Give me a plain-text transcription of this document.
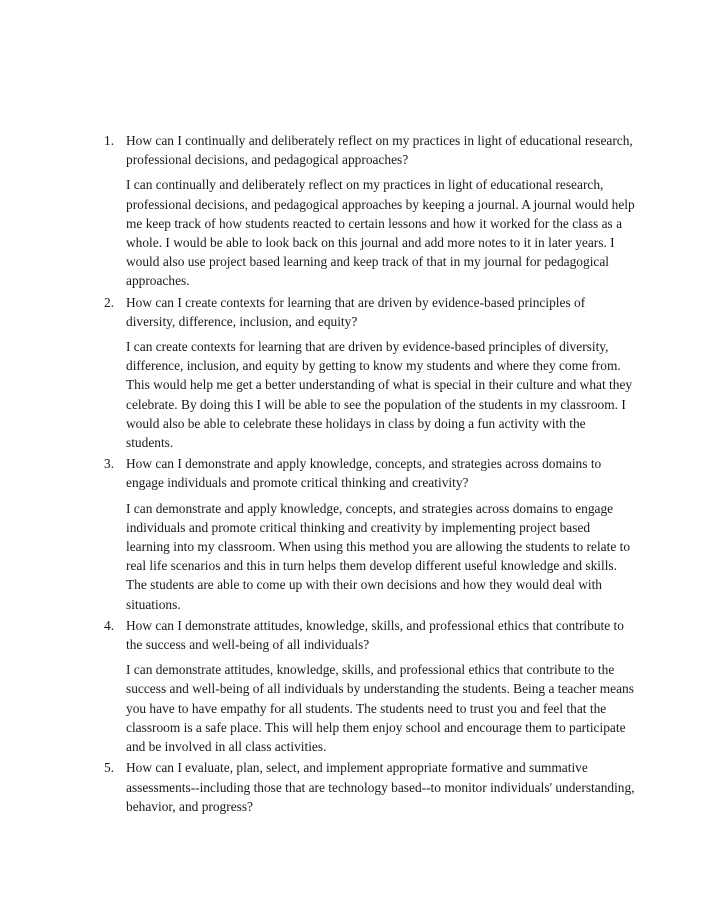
1. How can I continually and deliberately reflect on my practices in light of educational research, professional decisions, and pedagogical approaches?

I can continually and deliberately reflect on my practices in light of educational research, professional decisions, and pedagogical approaches by keeping a journal. A journal would help me keep track of how students reacted to certain lessons and how it worked for the class as a whole. I would be able to look back on this journal and add more notes to it in later years. I would also use project based learning and keep track of that in my journal for pedagogical approaches.

2. How can I create contexts for learning that are driven by evidence-based principles of diversity, difference, inclusion, and equity?

I can create contexts for learning that are driven by evidence-based principles of diversity, difference, inclusion, and equity by getting to know my students and where they come from. This would help me get a better understanding of what is special in their culture and what they celebrate. By doing this I will be able to see the population of the students in my classroom. I would also be able to celebrate these holidays in class by doing a fun activity with the students.

3. How can I demonstrate and apply knowledge, concepts, and strategies across domains to engage individuals and promote critical thinking and creativity?

I can demonstrate and apply knowledge, concepts, and strategies across domains to engage individuals and promote critical thinking and creativity by implementing project based learning into my classroom. When using this method you are allowing the students to relate to real life scenarios and this in turn helps them develop different useful knowledge and skills. The students are able to come up with their own decisions and how they would deal with situations.

4. How can I demonstrate attitudes, knowledge, skills, and professional ethics that contribute to the success and well-being of all individuals?

I can demonstrate attitudes, knowledge, skills, and professional ethics that contribute to the success and well-being of all individuals by understanding the students. Being a teacher means you have to have empathy for all students. The students need to trust you and feel that the classroom is a safe place. This will help them enjoy school and encourage them to participate and be involved in all class activities.

5. How can I evaluate, plan, select, and implement appropriate formative and summative assessments--including those that are technology based--to monitor individuals' understanding, behavior, and progress?
